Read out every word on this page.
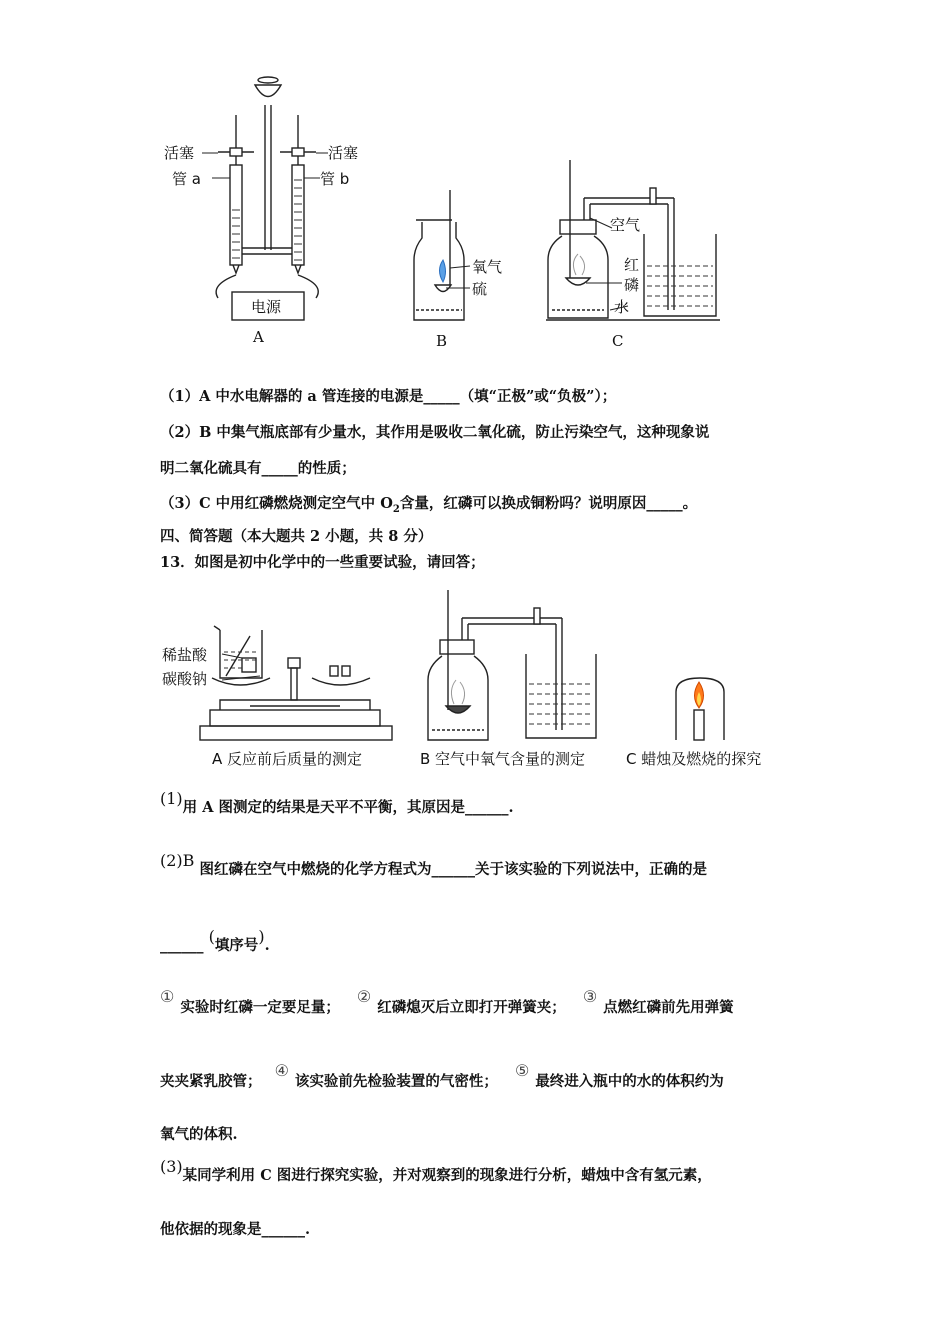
活塞
管 a
活塞
管 b
电源
A
氧气
硫
B
空气
红
磷
水
C
（1）A 中水电解器的 a 管连接的电源是_____（填“正极”或“负极”）；
（2）B 中集气瓶底部有少量水，其作用是吸收二氧化硫，防止污染空气，这种现象说
明二氧化硫具有_____的性质；
（3）C 中用红磷燃烧测定空气中 $O_2$含量，红磷可以换成铜粉吗？说明原因_____。
四、简答题（本大题共 2 小题，共 8 分）
13．如图是初中化学中的一些重要试验，请回答；
稀盐酸
碳酸钠
A 反应前后质量的测定	B 空气中氧气含量的测定	C 蜡烛及燃烧的探究
(1)用 A 图测定的结果是天平不平衡，其原因是______.
(2)B 图红磷在空气中燃烧的化学方程式为______关于该实验的下列说法中，正确的是
______ (填序号).
①实验时红磷一定要足量； ②红磷熄灭后立即打开弹簧夹； ③点燃红磷前先用弹簧
夹夹紧乳胶管； ④该实验前先检验装置的气密性； ⑤最终进入瓶中的水的体积约为
氧气的体积.
(3)某同学利用 C 图进行探究实验，并对观察到的现象进行分析，蜡烛中含有氢元素，
他依据的现象是______.
